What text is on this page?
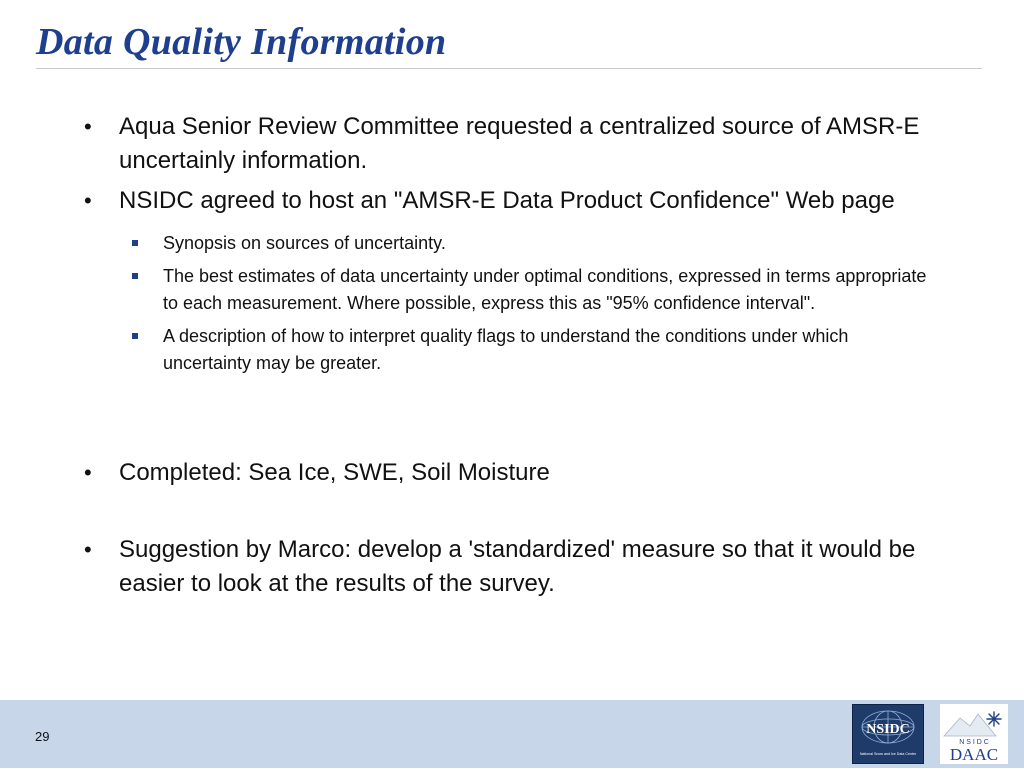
Data Quality Information
• Aqua Senior Review Committee requested a centralized source of AMSR-E uncertainly information.
• NSIDC agreed to host an "AMSR-E Data Product Confidence" Web page
Synopsis on sources of uncertainty.
The best estimates of data uncertainty under optimal conditions, expressed in terms appropriate to each measurement. Where possible, express this as "95% confidence interval".
A description of how to interpret quality flags to understand the conditions under which uncertainty may be greater.
• Completed: Sea Ice, SWE, Soil Moisture
• Suggestion by Marco: develop a 'standardized' measure so that it would be easier to look at the results of the survey.
29	NSIDC
National Snow and Ice Data Center
N S I D C
DAAC
